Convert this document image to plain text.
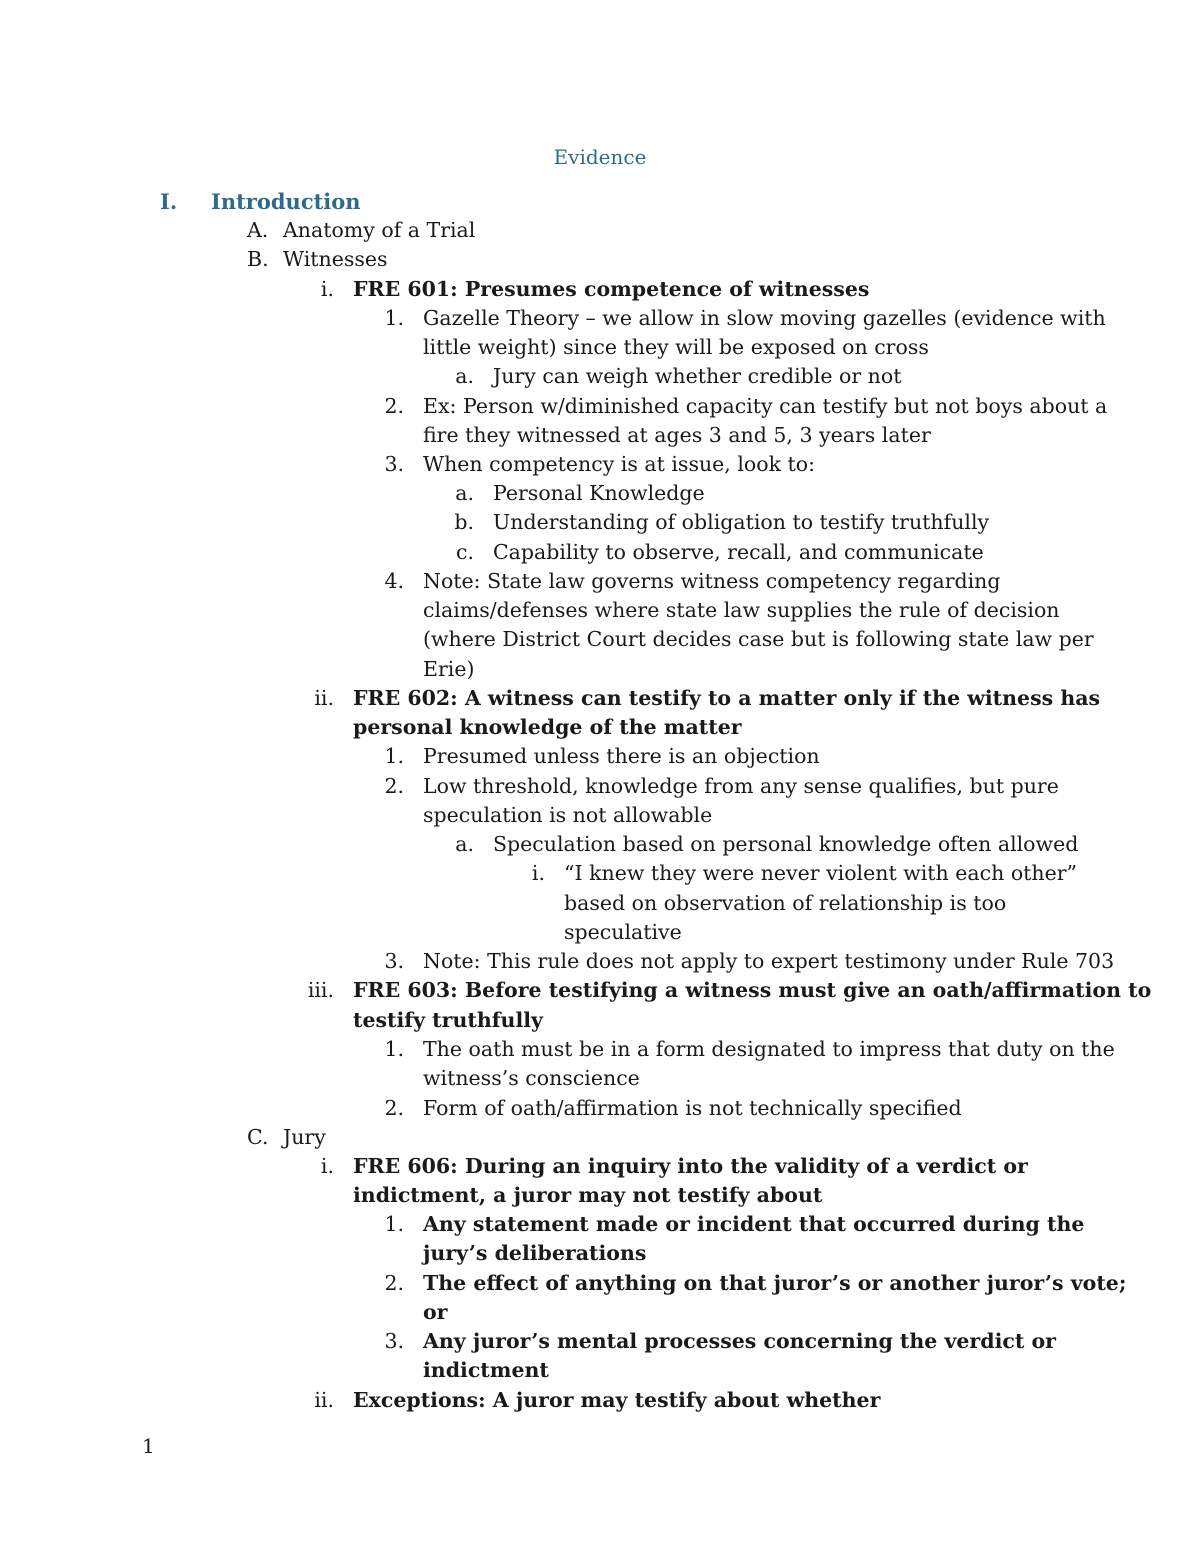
Evidence
I. Introduction
A. Anatomy of a Trial
B. Witnesses
i. FRE 601: Presumes competence of witnesses
1. Gazelle Theory – we allow in slow moving gazelles (evidence with
little weight) since they will be exposed on cross
a. Jury can weigh whether credible or not
2. Ex: Person w/diminished capacity can testify but not boys about a
fire they witnessed at ages 3 and 5, 3 years later
3. When competency is at issue, look to:
a. Personal Knowledge
b. Understanding of obligation to testify truthfully
c. Capability to observe, recall, and communicate
4. Note: State law governs witness competency regarding
claims/defenses where state law supplies the rule of decision
(where District Court decides case but is following state law per
Erie)
ii. FRE 602: A witness can testify to a matter only if the witness has
personal knowledge of the matter
1. Presumed unless there is an objection
2. Low threshold, knowledge from any sense qualifies, but pure
speculation is not allowable
a. Speculation based on personal knowledge often allowed
i. “I knew they were never violent with each other”
based on observation of relationship is too
speculative
3. Note: This rule does not apply to expert testimony under Rule 703
iii. FRE 603: Before testifying a witness must give an oath/affirmation to
testify truthfully
1. The oath must be in a form designated to impress that duty on the
witness’s conscience
2. Form of oath/affirmation is not technically specified
C. Jury
i. FRE 606: During an inquiry into the validity of a verdict or
indictment, a juror may not testify about
1. Any statement made or incident that occurred during the
jury’s deliberations
2. The effect of anything on that juror’s or another juror’s vote;
or
3. Any juror’s mental processes concerning the verdict or
indictment
ii. Exceptions: A juror may testify about whether
1
